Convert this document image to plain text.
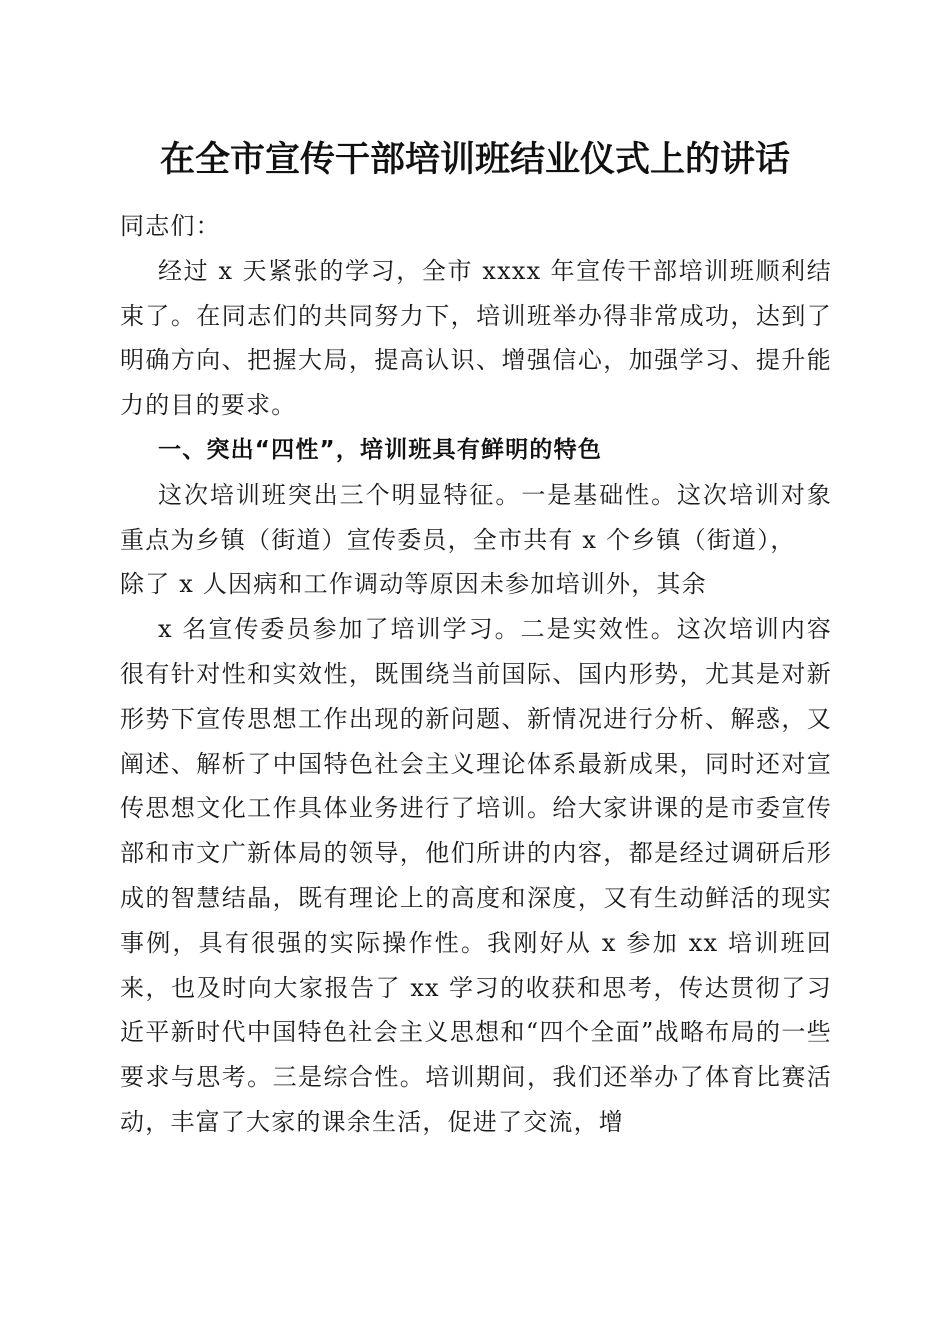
在全市宣传干部培训班结业仪式上的讲话

同志们：

经过 x 天紧张的学习，全市 xxxx 年宣传干部培训班顺利结束了。在同志们的共同努力下，培训班举办得非常成功，达到了明确方向、把握大局，提高认识、增强信心，加强学习、提升能力的目的要求。

一、突出“四性”，培训班具有鲜明的特色

这次培训班突出三个明显特征。一是基础性。这次培训对象重点为乡镇（街道）宣传委员，全市共有 x 个乡镇（街道），

除了 x 人因病和工作调动等原因未参加培训外，其余

x 名宣传委员参加了培训学习。二是实效性。这次培训内容很有针对性和实效性，既围绕当前国际、国内形势，尤其是对新形势下宣传思想工作出现的新问题、新情况进行分析、解惑，又阐述、解析了中国特色社会主义理论体系最新成果，同时还对宣传思想文化工作具体业务进行了培训。给大家讲课的是市委宣传部和市文广新体局的领导，他们所讲的内容，都是经过调研后形成的智慧结晶，既有理论上的高度和深度，又有生动鲜活的现实事例，具有很强的实际操作性。我刚好从 x 参加 xx 培训班回来，也及时向大家报告了 xx 学习的收获和思考，传达贯彻了习近平新时代中国特色社会主义思想和“四个全面”战略布局的一些要求与思考。三是综合性。培训期间，我们还举办了体育比赛活动，丰富了大家的课余生活，促进了交流，增
